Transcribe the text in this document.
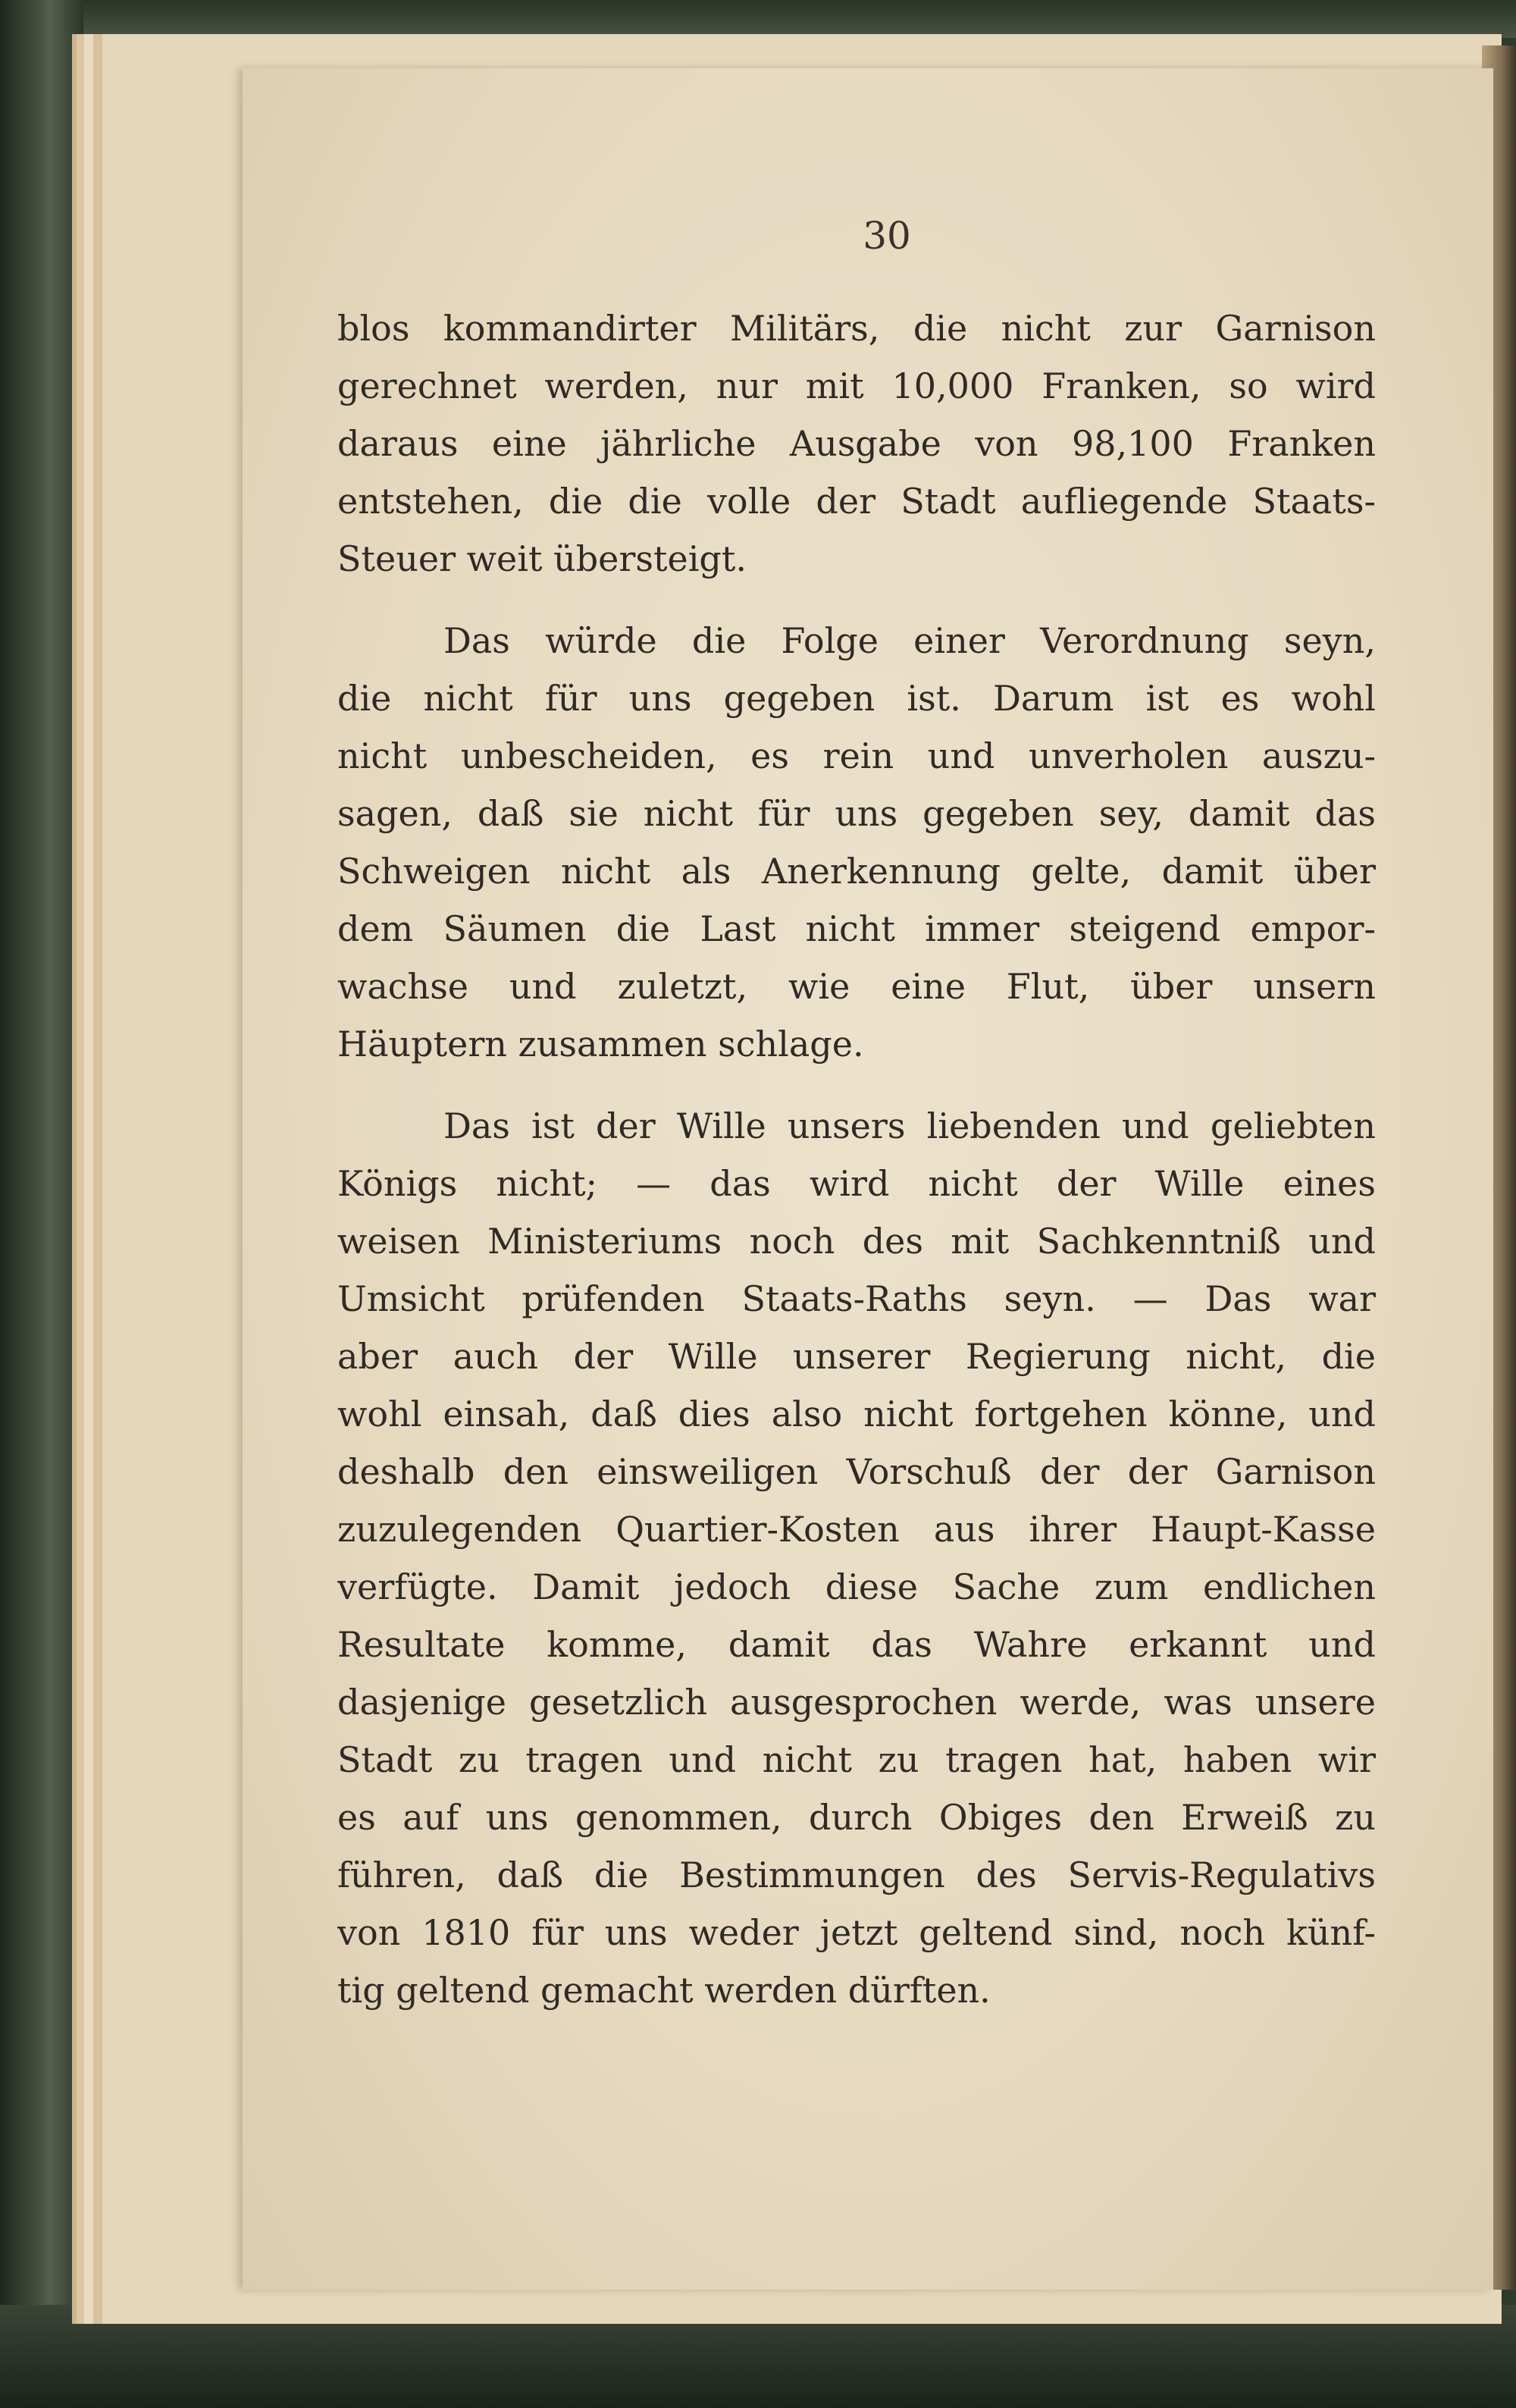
30
blos kommandirter Militärs, die nicht zur Garnison
gerechnet werden, nur mit 10,000 Franken, so wird
daraus eine jährliche Ausgabe von 98,100 Franken
entstehen, die die volle der Stadt aufliegende Staats-
Steuer weit übersteigt.
Das würde die Folge einer Verordnung seyn,
die nicht für uns gegeben ist. Darum ist es wohl
nicht unbescheiden, es rein und unverholen auszu-
sagen, daß sie nicht für uns gegeben sey, damit das
Schweigen nicht als Anerkennung gelte, damit über
dem Säumen die Last nicht immer steigend empor-
wachse und zuletzt, wie eine Flut, über unsern
Häuptern zusammen schlage.
Das ist der Wille unsers liebenden und geliebten
Königs nicht; — das wird nicht der Wille eines
weisen Ministeriums noch des mit Sachkenntniß und
Umsicht prüfenden Staats-Raths seyn. — Das war
aber auch der Wille unserer Regierung nicht, die
wohl einsah, daß dies also nicht fortgehen könne, und
deshalb den einsweiligen Vorschuß der der Garnison
zuzulegenden Quartier-Kosten aus ihrer Haupt-Kasse
verfügte. Damit jedoch diese Sache zum endlichen
Resultate komme, damit das Wahre erkannt und
dasjenige gesetzlich ausgesprochen werde, was unsere
Stadt zu tragen und nicht zu tragen hat, haben wir
es auf uns genommen, durch Obiges den Erweiß zu
führen, daß die Bestimmungen des Servis-Regulativs
von 1810 für uns weder jetzt geltend sind, noch künf-
tig geltend gemacht werden dürften.
